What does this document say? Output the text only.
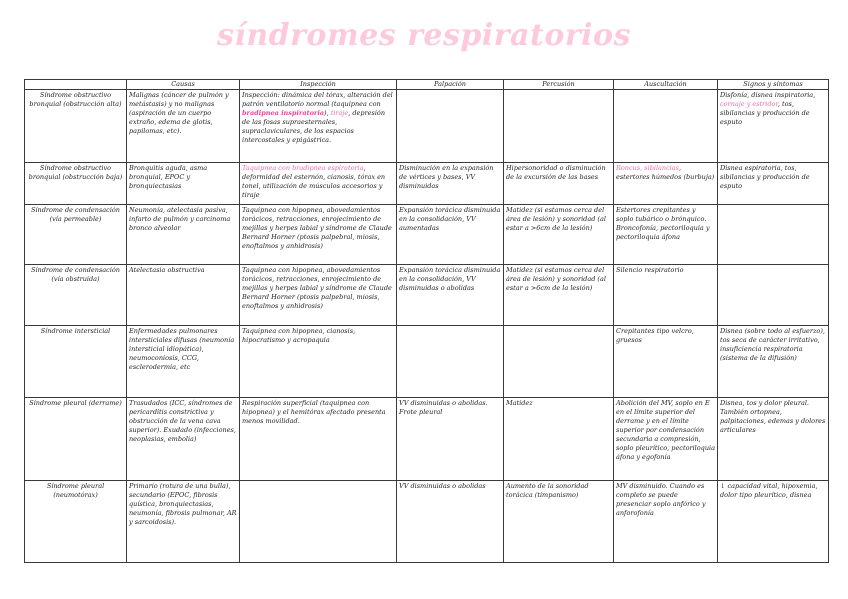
síndromes respiratorios
	Causas	Inspección	Palpación	Percusión	Auscultación	Signos y síntomas
Síndrome obstructivo bronquial (obstrucción alta)	Malignas (cáncer de pulmón y metástasis) y no malignas (aspiración de un cuerpo extraño, edema de glotis, papilomas, etc).	Inspección: dinámica del tórax, alteración del patrón ventilatorio normal (taquipnea con bradipnea inspiratoria), tiraje, depresión de las fosas supraesternales, supraclaviculares, de los espacios intercostales y epigástrica.				Disfonía, disnea inspiratoria, cornaje y estridor, tos, sibilancias y producción de esputo
Síndrome obstructivo bronquial (obstrucción baja)	Bronquitis aguda, asma bronquial, EPOC y bronquiectasias	Taquipnea con bradipnea espiratoria, deformidad del esternón, cianosis, tórax en tonel, utilización de músculos accesorios y tiraje	Disminución en la expansión de vértices y bases, VV disminuidas	Hipersonoridad o disminución de la excursión de las bases	Roncus, sibilancias, estertores húmedos (burbuja)	Disnea espiratoria, tos, sibilancias y producción de esputo
Síndrome de condensación (vía permeable)	Neumonía, atelectasia pasiva, infarto de pulmón y carcinoma bronco alveolar	Taquipnea con hipopnea, abovedamientos torácicos, retracciones, enrojecimiento de mejillas y herpes labial y síndrome de Claude Bernard Horner (ptosis palpebral, miosis, enoftalmos y anhidrosis)	Expansión torácica disminuida en la consolidación, VV aumentadas	Matidez (si estamos cerca del área de lesión) y sonoridad (al estar a >6cm de la lesión)	Estertores crepitantes y soplo tubárico o brónquico. Broncofonía, pectoriloquia y pectoriloquia áfona	
Síndrome de condensación (vía obstruida)	Atelectasia obstructiva	Taquipnea con hipopnea, abovedamientos torácicos, retracciones, enrojecimiento de mejillas y herpes labial y síndrome de Claude Bernard Horner (ptosis palpebral, miosis, enoftalmos y anhidrosis)	Expansión torácica disminuida en la consolidación, VV disminuidas o abolidas	Matidez (si estamos cerca del área de lesión) y sonoridad (al estar a >6cm de la lesión)	Silencio respiratorio	
Síndrome intersticial	Enfermedades pulmonares intersticiales difusas (neumonía intersticial idiopática), neumoconiosis, CCG, esclerodermia, etc	Taquipnea con hipopnea, cianosis, hipocratismo y acropaquia			Crepitantes tipo velcro, gruesos	Disnea (sobre todo al esfuerzo), tos seca de carácter irritativo, insuficiencia respiratoria (sistema de la difusión)
Síndrome pleural (derrame)	Trasudados (ICC, síndromes de pericarditis constrictiva y obstrucción de la vena cava superior). Exudado (infecciones, neoplasias, embolia)	Respiración superficial (taquipnea con hipopnea) y el hemitórax afectado presenta menos movilidad.	VV disminuidas o abolidas. Frote pleural	Matidez	Abolición del MV, soplo en E en el límite superior del derrame y en el límite superior por condensación secundaria a compresión, soplo pleurítico, pectoriloquia áfona y egofonía	Disnea, tos y dolor pleural. También ortopnea, palpitaciones, edemas y dolores articulares
Síndrome pleural (neumotórax)	Primario (rotura de una bulla), secundario (EPOC, fibrosis quística, bronquiectasias, neumonía, fibrosis pulmonar, AR y sarcoidosis).		VV disminuidas o abolidas	Aumento de la sonoridad torácica (timpanismo)	MV disminuido. Cuando es completo se puede presenciar soplo anfórico y anforofonía	↓ capacidad vital, hipoxemia, dolor tipo pleurítico, disnea
